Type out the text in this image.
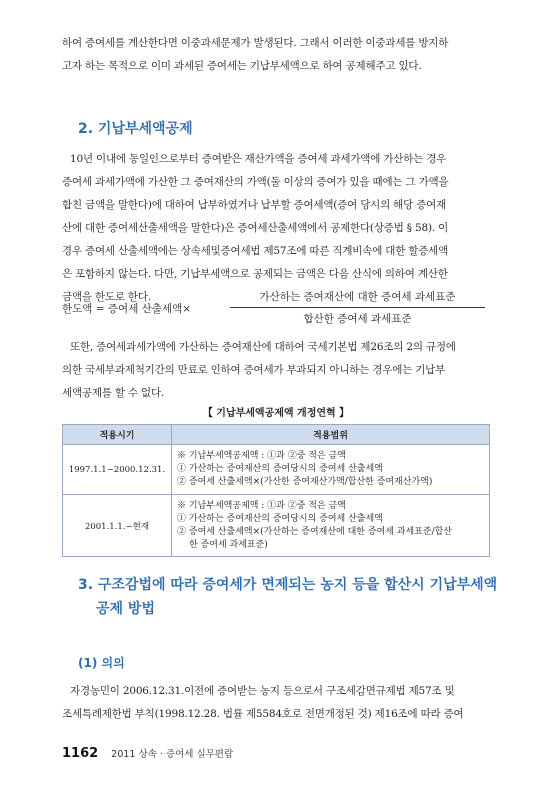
하여 증여세를 계산한다면 이중과세문제가 발생된다. 그래서 이러한 이중과세를 방지하
고자 하는 목적으로 이미 과세된 증여세는 기납부세액으로 하여 공제해주고 있다.

2. 기납부세액공제

10년 이내에 동일인으로부터 증여받은 재산가액을 증여세 과세가액에 가산하는 경우
증여세 과세가액에 가산한 그 증여재산의 가액(둘 이상의 증여가 있을 때에는 그 가액을
합친 금액을 말한다)에 대하여 납부하였거나 납부할 증여세액(증여 당시의 해당 증여재
산에 대한 증여세산출세액을 말한다)은 증여세산출세액에서 공제한다(상증법 § 58). 이
경우 증여세 산출세액에는 상속세및증여세법 제57조에 따른 직계비속에 대한 할증세액
은 포함하지 않는다. 다만, 기납부세액으로 공제되는 금액은 다음 산식에 의하여 계산한
금액을 한도로 한다.

한도액 = 증여세 산출세액×
가산하는 증여재산에 대한 증여세 과세표준
합산한 증여세 과세표준

또한, 증여세과세가액에 가산하는 증여재산에 대하여 국세기본법 제26조의 2의 규정에
의한 국세부과제척기간의 만료로 인하여 증여세가 부과되지 아니하는 경우에는 기납부
세액공제를 할 수 없다.

【 기납부세액공제액 개정연혁 】
적용시기	적용범위
1997.1.1~2000.12.31.	※ 기납부세액공제액 : ①과 ②중 적은 금액
① 가산하는 증여재산의 증여당시의 증여세 산출세액
② 증여세 산출세액×(가산한 증여재산가액/합산한 증여재산가액)

2001.1.1.~현재	※ 기납부세액공제액 : ①과 ②중 적은 금액
① 가산하는 증여재산의 증여당시의 증여세 산출세액
② 증여세 산출세액×(가산하는 증여재산에 대한 증여세 과세표준/합산
한 증여세 과세표준)
3. 구조감법에 따라 증여세가 면제되는 농지 등을 합산시 기납부세액
공제 방법
(1) 의의

자경농민이 2006.12.31.이전에 증여받는 농지 등으로서 구조세감면규제법 제57조 및
조세특례제한법 부칙(1998.12.28. 법률 제5584호로 전면개정된 것) 제16조에 따라 증여

1162 2011 상속 · 증여세 실무편람
